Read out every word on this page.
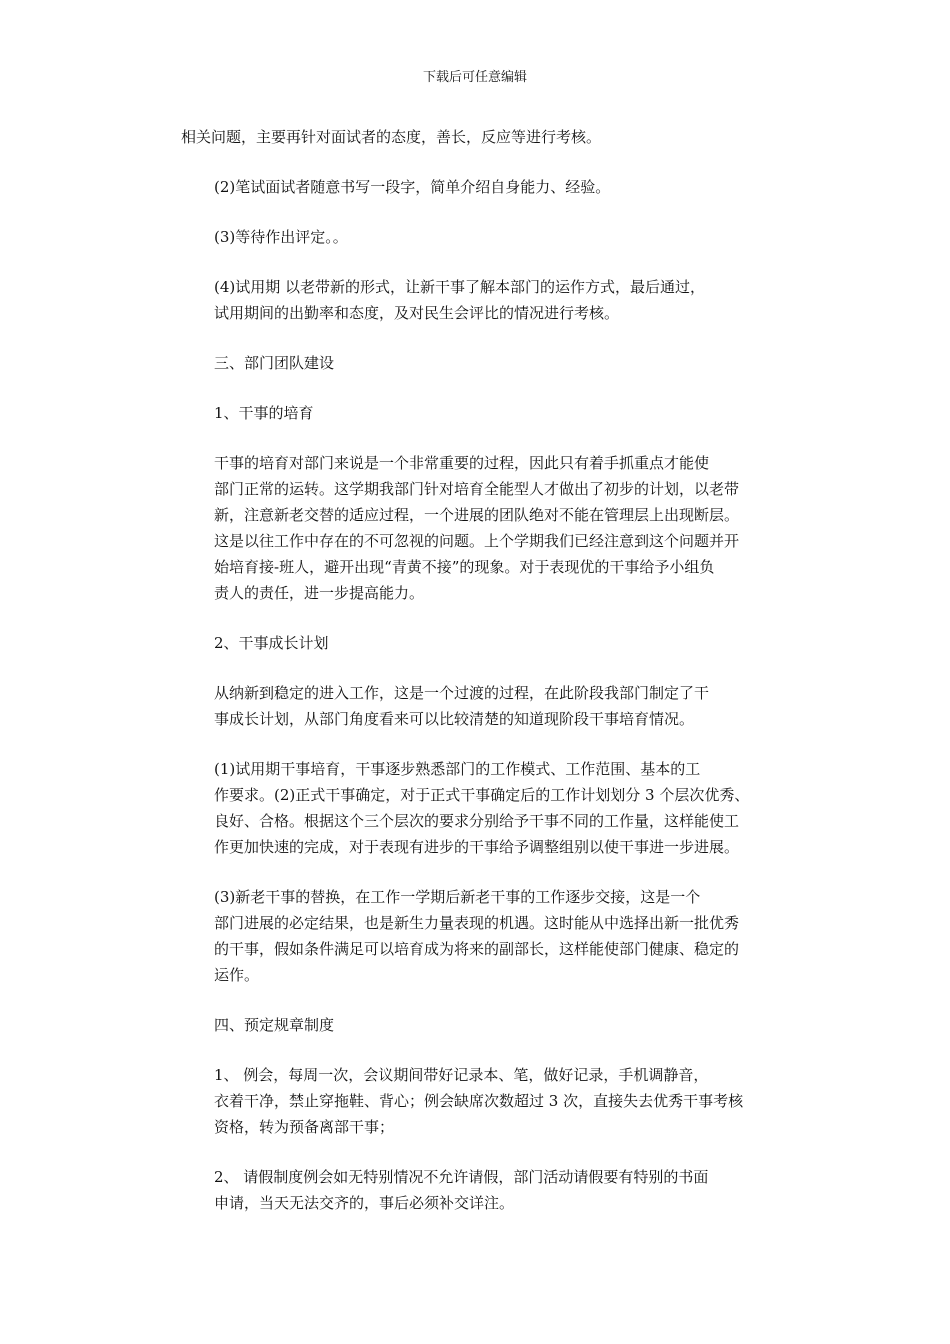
下载后可任意编辑

相关问题，主要再针对面试者的态度，善长，反应等进行考核。

(2)笔试面试者随意书写一段字，简单介绍自身能力、经验。

(3)等待作出评定。。

(4)试用期 以老带新的形式，让新干事了解本部门的运作方式，最后通过，
试用期间的出勤率和态度，及对民生会评比的情况进行考核。

三、部门团队建设

1、干事的培育

干事的培育对部门来说是一个非常重要的过程，因此只有着手抓重点才能使
部门正常的运转。这学期我部门针对培育全能型人才做出了初步的计划，以老带
新，注意新老交替的适应过程，一个进展的团队绝对不能在管理层上出现断层。
这是以往工作中存在的不可忽视的问题。上个学期我们已经注意到这个问题并开
始培育接-班人，避开出现“青黄不接”的现象。对于表现优的干事给予小组负
责人的责任，进一步提高能力。

2、干事成长计划

从纳新到稳定的进入工作，这是一个过渡的过程，在此阶段我部门制定了干
事成长计划，从部门角度看来可以比较清楚的知道现阶段干事培育情况。

(1)试用期干事培育，干事逐步熟悉部门的工作模式、工作范围、基本的工
作要求。(2)正式干事确定，对于正式干事确定后的工作计划划分 3 个层次优秀、
良好、合格。根据这个三个层次的要求分别给予干事不同的工作量，这样能使工
作更加快速的完成，对于表现有进步的干事给予调整组别以使干事进一步进展。

(3)新老干事的替换，在工作一学期后新老干事的工作逐步交接，这是一个
部门进展的必定结果，也是新生力量表现的机遇。这时能从中选择出新一批优秀
的干事，假如条件满足可以培育成为将来的副部长，这样能使部门健康、稳定的
运作。

四、预定规章制度

1、 例会，每周一次，会议期间带好记录本、笔，做好记录，手机调静音，
衣着干净，禁止穿拖鞋、背心；例会缺席次数超过 3 次，直接失去优秀干事考核
资格，转为预备离部干事；

2、 请假制度例会如无特别情况不允许请假，部门活动请假要有特别的书面
申请，当天无法交齐的，事后必须补交详注。
